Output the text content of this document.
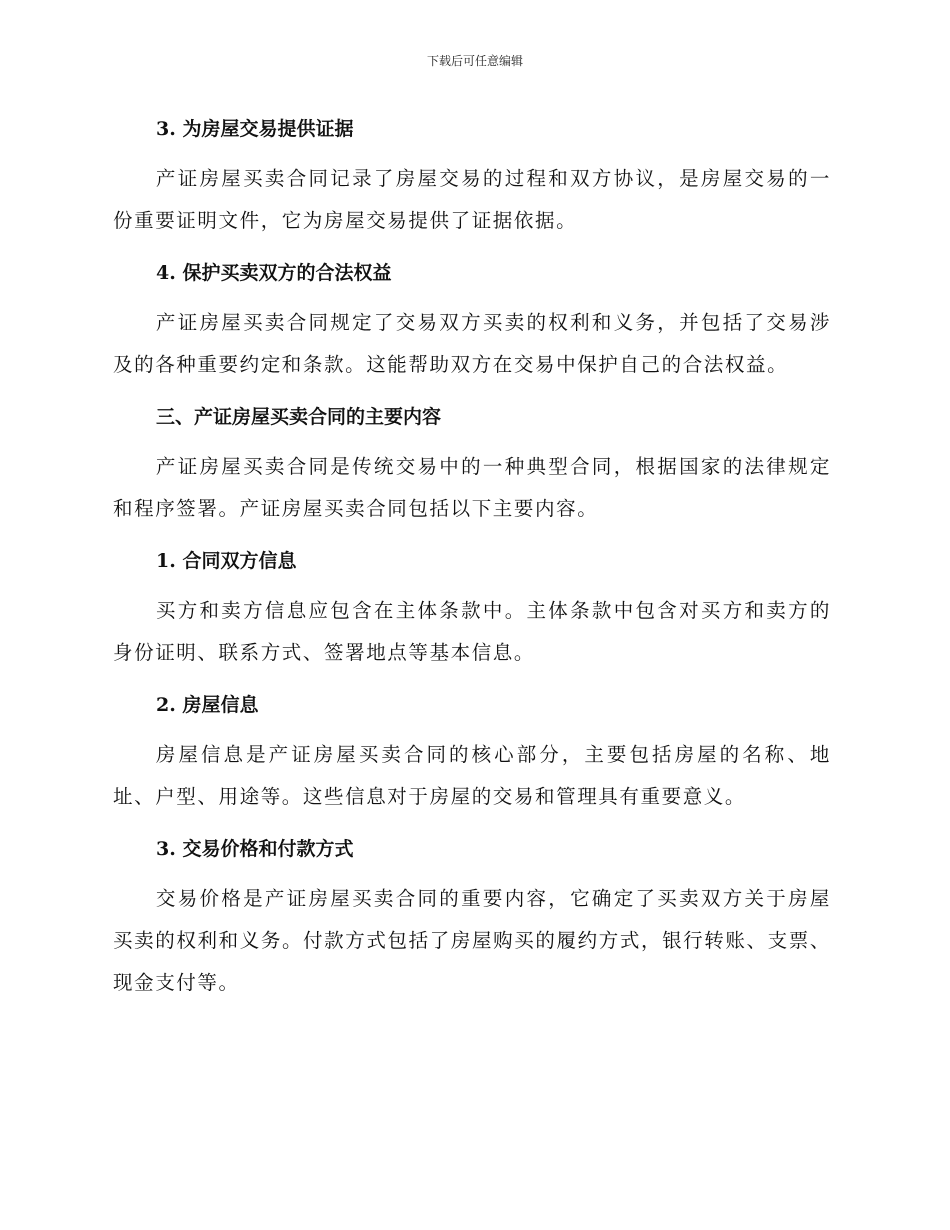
下载后可任意编辑
3. 为房屋交易提供证据

产证房屋买卖合同记录了房屋交易的过程和双方协议，是房屋交易的一份重要证明文件，它为房屋交易提供了证据依据。

4. 保护买卖双方的合法权益

产证房屋买卖合同规定了交易双方买卖的权利和义务，并包括了交易涉及的各种重要约定和条款。这能帮助双方在交易中保护自己的合法权益。

三、产证房屋买卖合同的主要内容

产证房屋买卖合同是传统交易中的一种典型合同，根据国家的法律规定和程序签署。产证房屋买卖合同包括以下主要内容。

1. 合同双方信息

买方和卖方信息应包含在主体条款中。主体条款中包含对买方和卖方的身份证明、联系方式、签署地点等基本信息。

2. 房屋信息

房屋信息是产证房屋买卖合同的核心部分，主要包括房屋的名称、地址、户型、用途等。这些信息对于房屋的交易和管理具有重要意义。

3. 交易价格和付款方式

交易价格是产证房屋买卖合同的重要内容，它确定了买卖双方关于房屋买卖的权利和义务。付款方式包括了房屋购买的履约方式，银行转账、支票、现金支付等。
